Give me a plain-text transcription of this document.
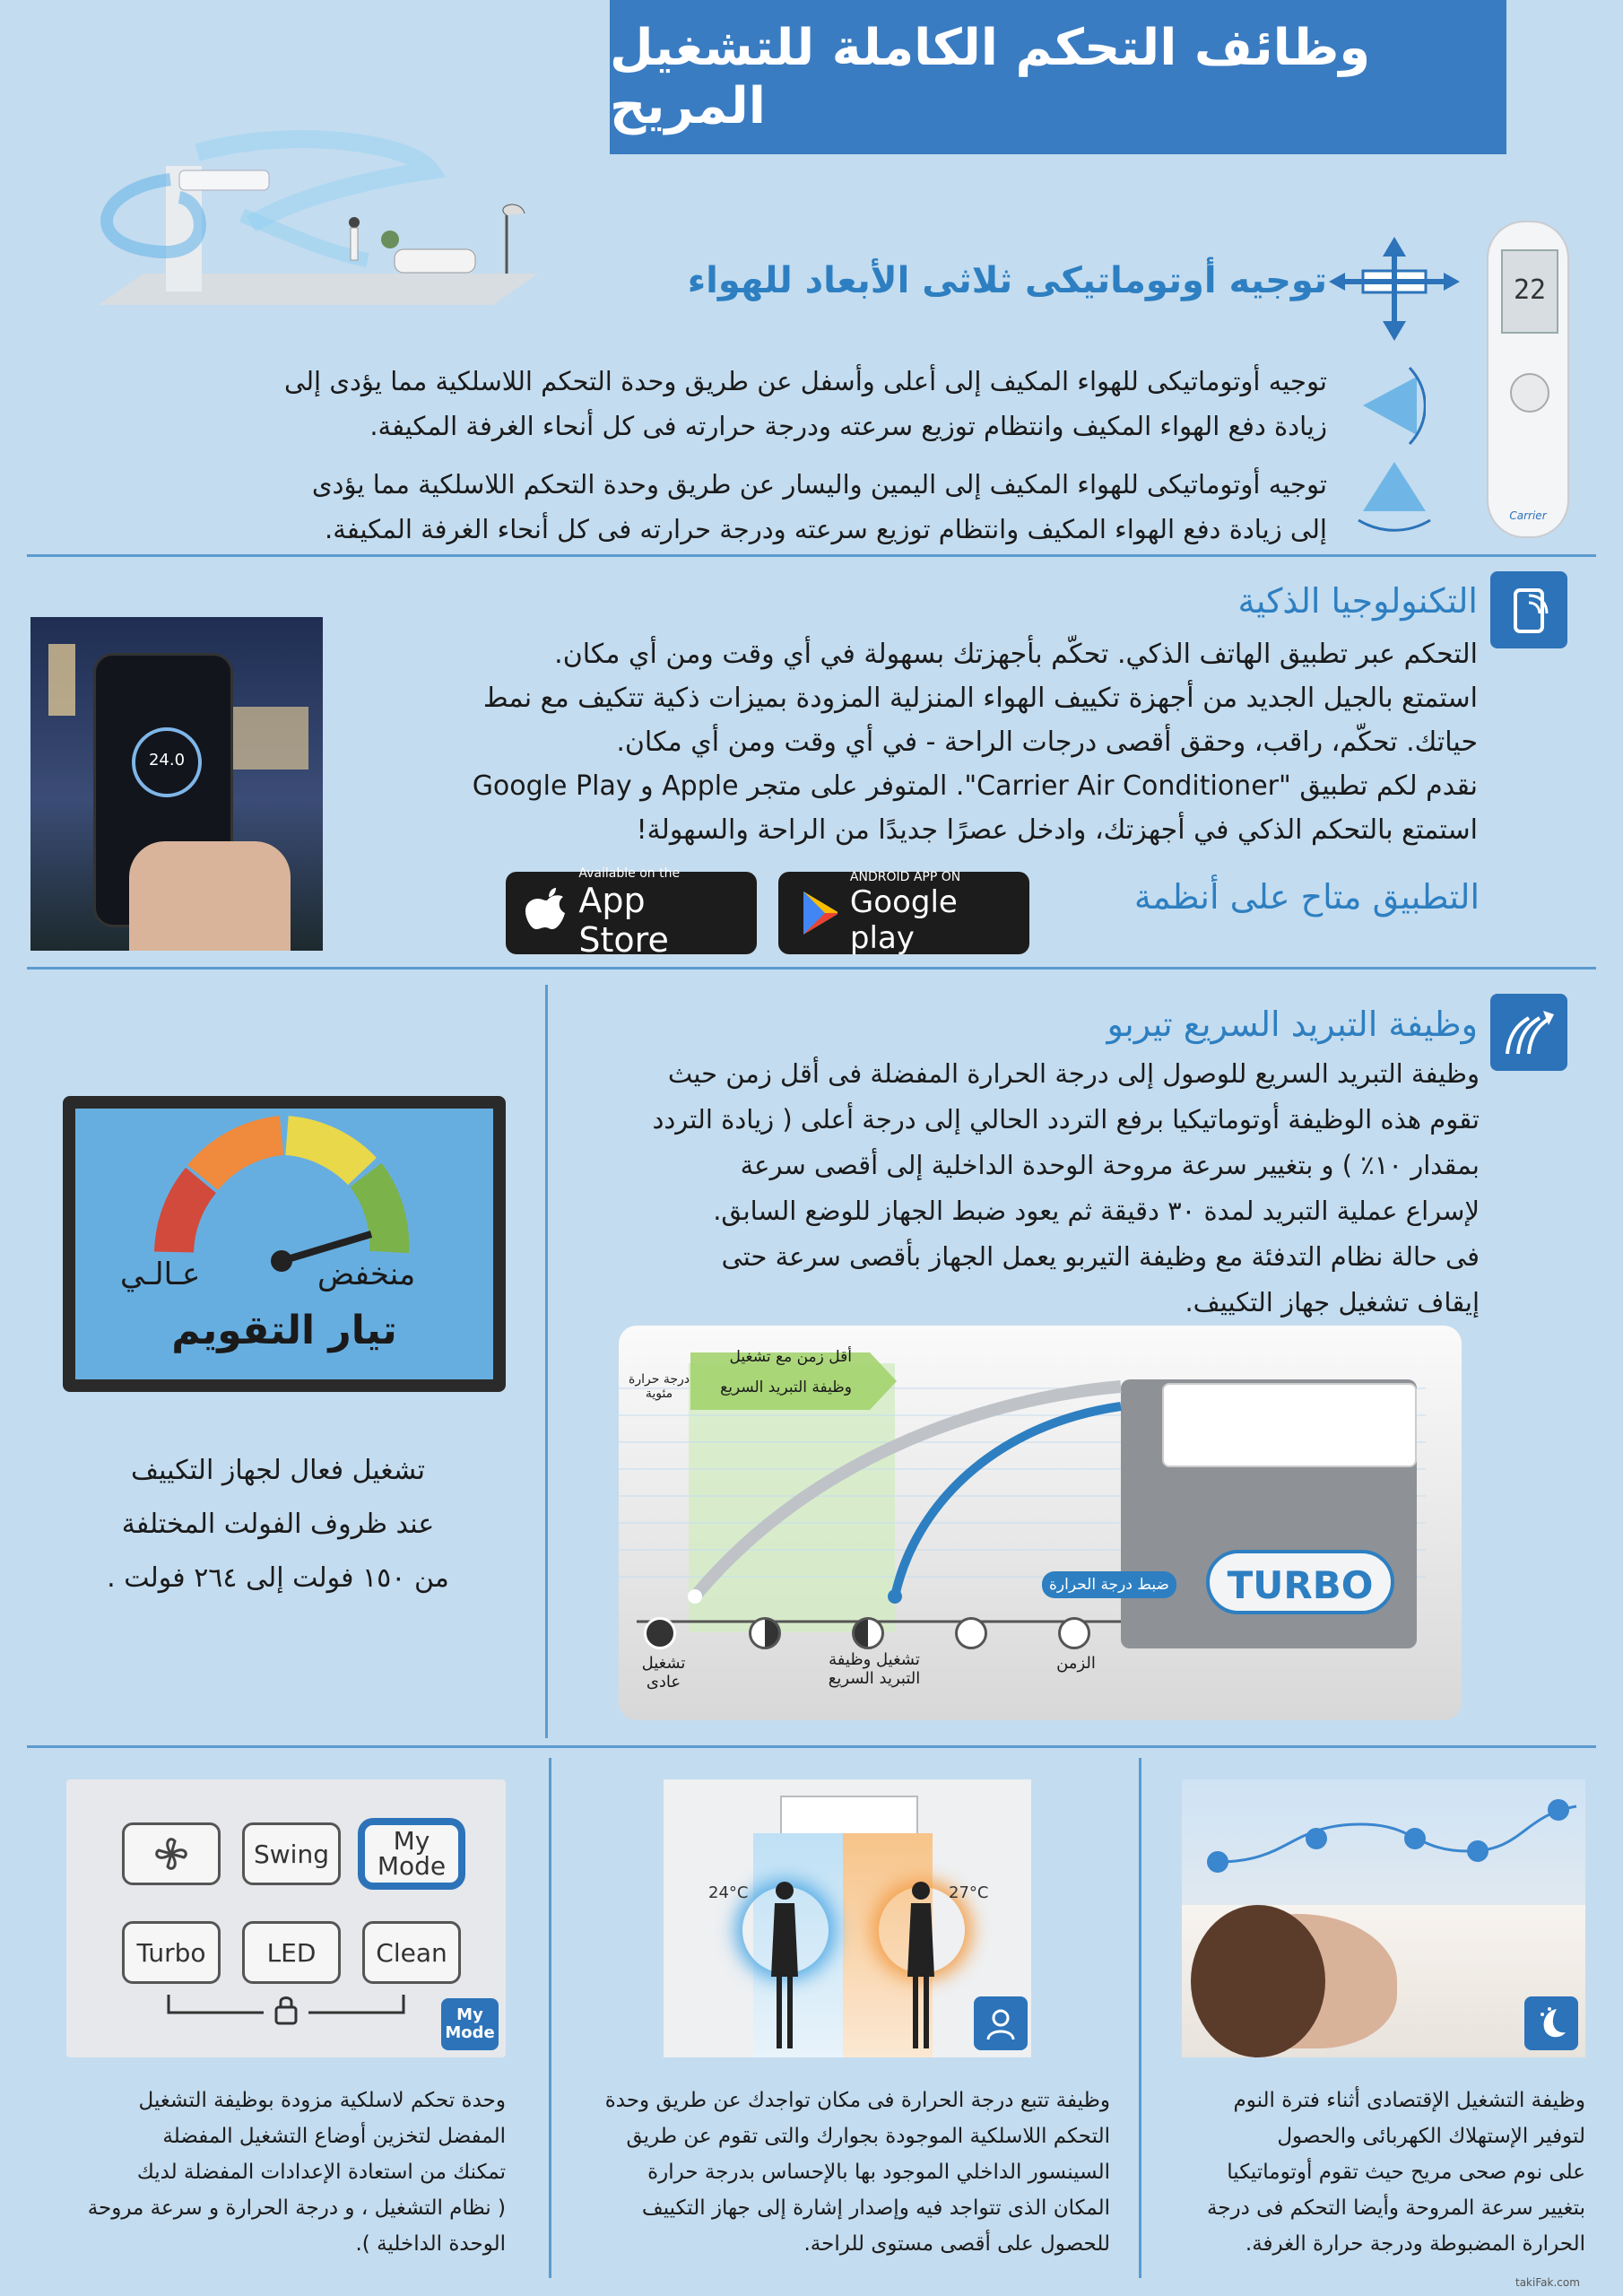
وظائف التحكم الكاملة للتشغيل المريح
توجيه أوتوماتيكى ثلاثى الأبعاد للهواء

توجيه أوتوماتيكى للهواء المكيف إلى أعلى وأسفل عن طريق وحدة التحكم اللاسلكية مما يؤدى إلى

زيادة دفع الهواء المكيف وانتظام توزيع سرعته ودرجة حرارته فى كل أنحاء الغرفة المكيفة.

توجيه أوتوماتيكى للهواء المكيف إلى اليمين واليسار عن طريق وحدة التحكم اللاسلكية مما يؤدى

إلى زيادة دفع الهواء المكيف وانتظام توزيع سرعته ودرجة حرارته فى كل أنحاء الغرفة المكيفة.

22
Carrier
التكنولوجيا الذكية

التحكم عبر تطبيق الهاتف الذكي. تحكّم بأجهزتك بسهولة في أي وقت ومن أي مكان.

استمتع بالجيل الجديد من أجهزة تكييف الهواء المنزلية المزودة بميزات ذكية تتكيف مع نمط

حياتك. تحكّم، راقب، وحقق أقصى درجات الراحة - في أي وقت ومن أي مكان.

نقدم لكم تطبيق "Carrier Air Conditioner". المتوفر على متجر Apple و Google Play

استمتع بالتحكم الذكي في أجهزتك، وادخل عصرًا جديدًا من الراحة والسهولة!

التطبيق متاح على أنظمة
ANDROID APP ON
Google play
Available on the
App Store
24.0
وظيفة التبريد السريع تيربو

وظيفة التبريد السريع للوصول إلى درجة الحرارة المفضلة فى أقل زمن حيث

تقوم هذه الوظيفة أوتوماتيكيا برفع التردد الحالي إلى درجة أعلى ( زيادة التردد

بمقدار ١٠٪ ) و بتغيير سرعة مروحة الوحدة الداخلية إلى أقصى سرعة

لإسراع عملية التبريد لمدة ٣٠ دقيقة ثم يعود ضبط الجهاز للوضع السابق.

فى حالة نظام التدفئة مع وظيفة التيربو يعمل الجهاز بأقصى سرعة حتى

إيقاف تشغيل جهاز التكييف.

أقل زمن مع تشغيل
وظيفة التبريد السريع
درجة حرارة
مئوية
ضبط درجة الحرارة	TURBO
تشغيل
عادى
تشغيل وظيفة
التبريد السريع
الزمن
منخفض
عـالـي
تيار التقويم
تشغيل فعال لجهاز التكييف
عند ظروف الفولت المختلفة
من ١٥٠ فولت إلى ٢٦٤ فولت .
Swing	My Mode
Turbo	LED	Clean
My Mode
وحدة تحكم لاسلكية مزودة بوظيفة التشغيل
المفضل لتخزين أوضاع التشغيل المفضلة
تمكنك من استعادة الإعدادات المفضلة لديك
( نظام التشغيل ، و درجة الحرارة و سرعة مروحة
الوحدة الداخلية ).
24°C	27°C
وظيفة تتبع درجة الحرارة فى مكان تواجدك عن طريق وحدة
التحكم اللاسلكية الموجودة بجوارك والتى تقوم عن طريق
السينسور الداخلي الموجود بها بالإحساس بدرجة حرارة
المكان الذى تتواجد فيه وإصدار إشارة إلى جهاز التكييف
للحصول على أقصى مستوى للراحة.
وظيفة التشغيل الإقتصادى أثناء فترة النوم
لتوفير الإستهلاك الكهربائى والحصول
على نوم صحى مريح حيث تقوم أوتوماتيكيا
بتغيير سرعة المروحة وأيضا التحكم فى درجة
الحرارة المضبوطة ودرجة حرارة الغرفة.
takiFak.com
